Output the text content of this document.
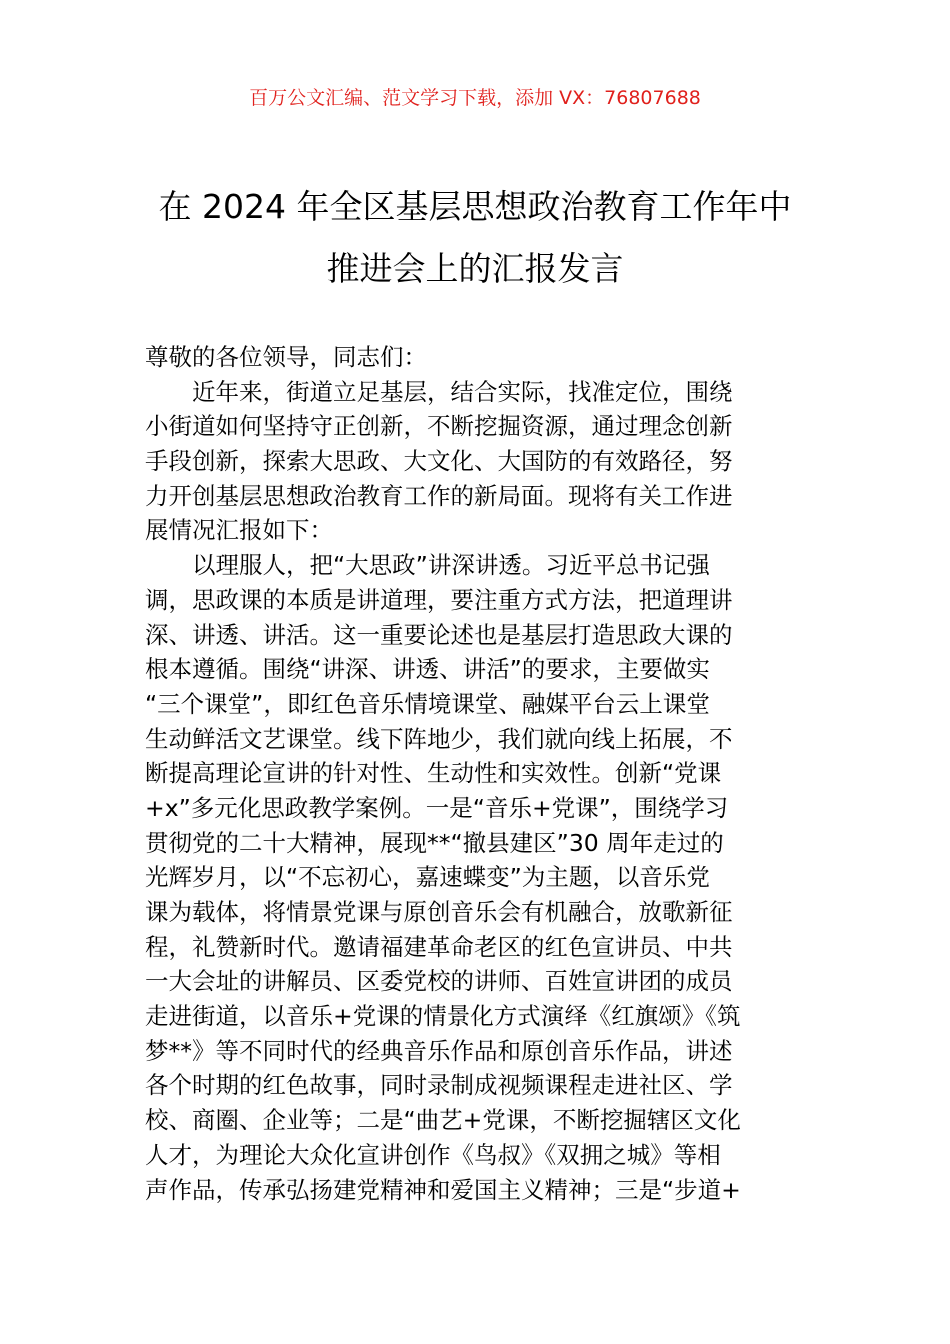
百万公文汇编、范文学习下载，添加 VX：76807688
在 2024 年全区基层思想政治教育工作年中
推进会上的汇报发言
尊敬的各位领导，同志们：
近年来，街道立足基层，结合实际，找准定位，围绕
小街道如何坚持守正创新，不断挖掘资源，通过理念创新
手段创新，探索大思政、大文化、大国防的有效路径，努
力开创基层思想政治教育工作的新局面。现将有关工作进
展情况汇报如下：
以理服人，把“大思政”讲深讲透。习近平总书记强
调，思政课的本质是讲道理，要注重方式方法，把道理讲
深、讲透、讲活。这一重要论述也是基层打造思政大课的
根本遵循。围绕“讲深、讲透、讲活”的要求，主要做实
“三个课堂”，即红色音乐情境课堂、融媒平台云上课堂
生动鲜活文艺课堂。线下阵地少，我们就向线上拓展，不
断提高理论宣讲的针对性、生动性和实效性。创新“党课
+x”多元化思政教学案例。一是“音乐+党课”，围绕学习
贯彻党的二十大精神，展现**“撤县建区”30 周年走过的
光辉岁月，以“不忘初心，嘉速蝶变”为主题，以音乐党
课为载体，将情景党课与原创音乐会有机融合，放歌新征
程，礼赞新时代。邀请福建革命老区的红色宣讲员、中共
一大会址的讲解员、区委党校的讲师、百姓宣讲团的成员
走进街道，以音乐+党课的情景化方式演绎《红旗颂》《筑
梦**》等不同时代的经典音乐作品和原创音乐作品，讲述
各个时期的红色故事，同时录制成视频课程走进社区、学
校、商圈、企业等；二是“曲艺+党课，不断挖掘辖区文化
人才，为理论大众化宣讲创作《鸟叔》《双拥之城》等相
声作品，传承弘扬建党精神和爱国主义精神；三是“步道+
